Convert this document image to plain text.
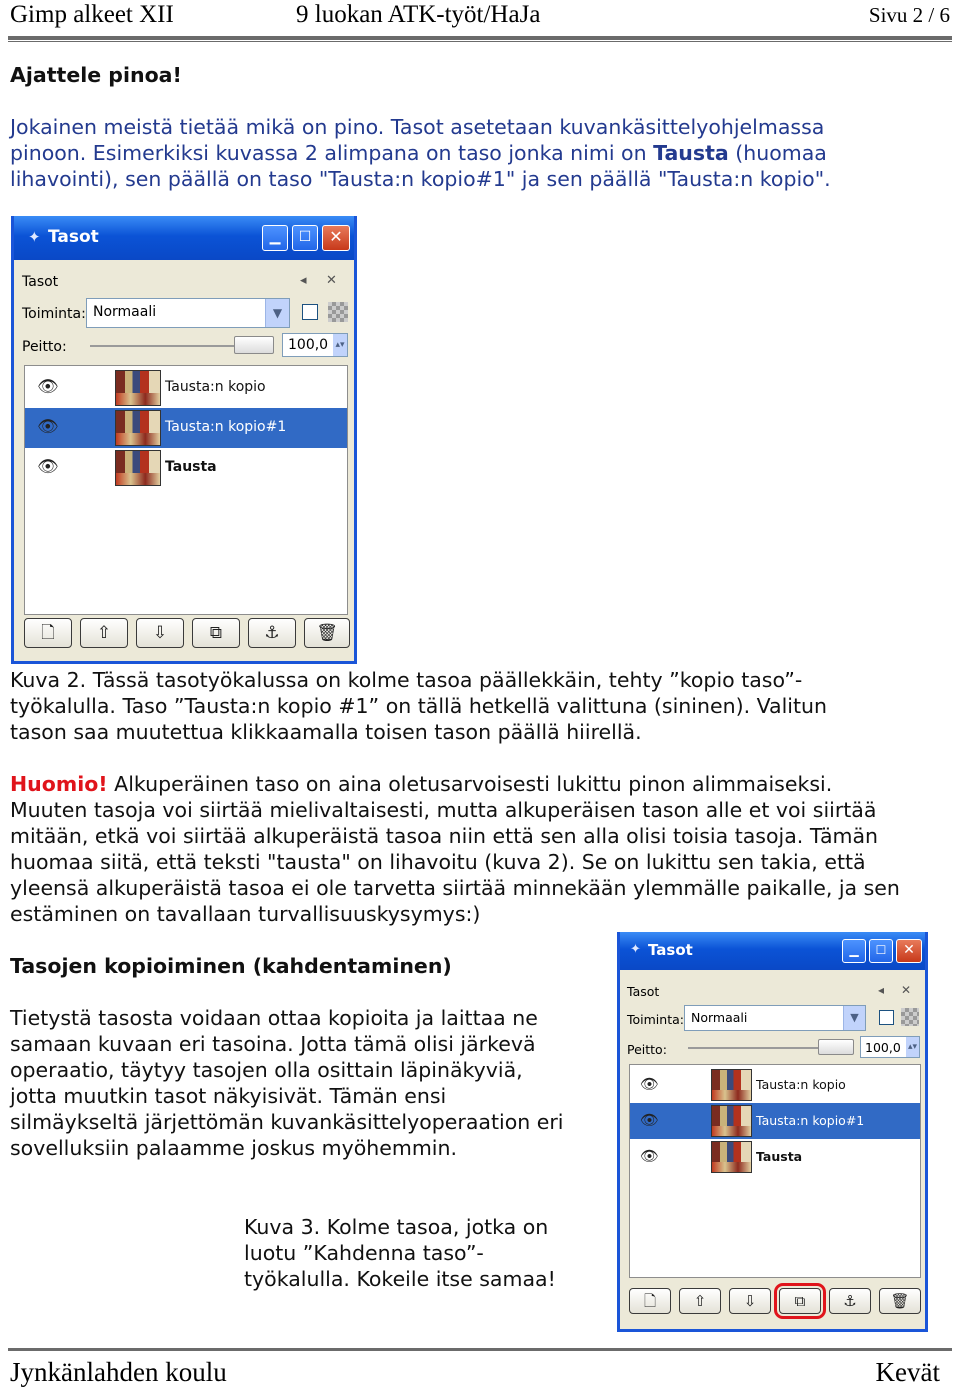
Gimp alkeet XII	9 luokan ATK-työt/HaJa	Sivu 2 / 6
Ajattele pinoa!
Jokainen meistä tietää mikä on pino. Tasot asetetaan kuvankäsittelyohjelmassa
pinoon. Esimerkiksi kuvassa 2 alimpana on taso jonka nimi on Tausta (huomaa
lihavointi), sen päällä on taso "Tausta:n kopio#1" ja sen päällä "Tausta:n kopio".
✦ Tasot	▁	☐	✕
Tasot	◂ ✕
Toiminta: Normaali	▼
Peitto:	100,0 ▴▾
👁	Tausta:n kopio
👁	Tausta:n kopio#1
👁	Tausta
🗋	⇧	⇩	⧉	⚓	🗑
Kuva 2. Tässä tasotyökalussa on kolme tasoa päällekkäin, tehty ”kopio taso”-
työkalulla. Taso ”Tausta:n kopio #1” on tällä hetkellä valittuna (sininen). Valitun
tason saa muutettua klikkaamalla toisen tason päällä hiirellä.
Huomio! Alkuperäinen taso on aina oletusarvoisesti lukittu pinon alimmaiseksi.
Muuten tasoja voi siirtää mielivaltaisesti, mutta alkuperäisen tason alle et voi siirtää
mitään, etkä voi siirtää alkuperäistä tasoa niin että sen alla olisi toisia tasoja. Tämän
huomaa siitä, että teksti "tausta" on lihavoitu (kuva 2). Se on lukittu sen takia, että
yleensä alkuperäistä tasoa ei ole tarvetta siirtää minnekään ylemmälle paikalle, ja sen
estäminen on tavallaan turvallisuuskysymys:)
Tasojen kopioiminen (kahdentaminen)
Tietystä tasosta voidaan ottaa kopioita ja laittaa ne
samaan kuvaan eri tasoina. Jotta tämä olisi järkevä
operaatio, täytyy tasojen olla osittain läpinäkyviä,
jotta muutkin tasot näkyisivät. Tämän ensi
silmäykseltä järjettömän kuvankäsittelyoperaation eri
sovelluksiin palaamme joskus myöhemmin.
✦ Tasot	▁	☐	✕
Tasot	◂ ✕
Toiminta: Normaali	▼
Peitto:	100,0 ▴▾
👁	Tausta:n kopio
👁	Tausta:n kopio#1
👁	Tausta
🗋	⇧	⇩	⧉	⚓	🗑
Kuva 3. Kolme tasoa, jotka on
luotu ”Kahdenna taso”-
työkalulla. Kokeile itse samaa!
Jynkänlahden koulu	Kevät
